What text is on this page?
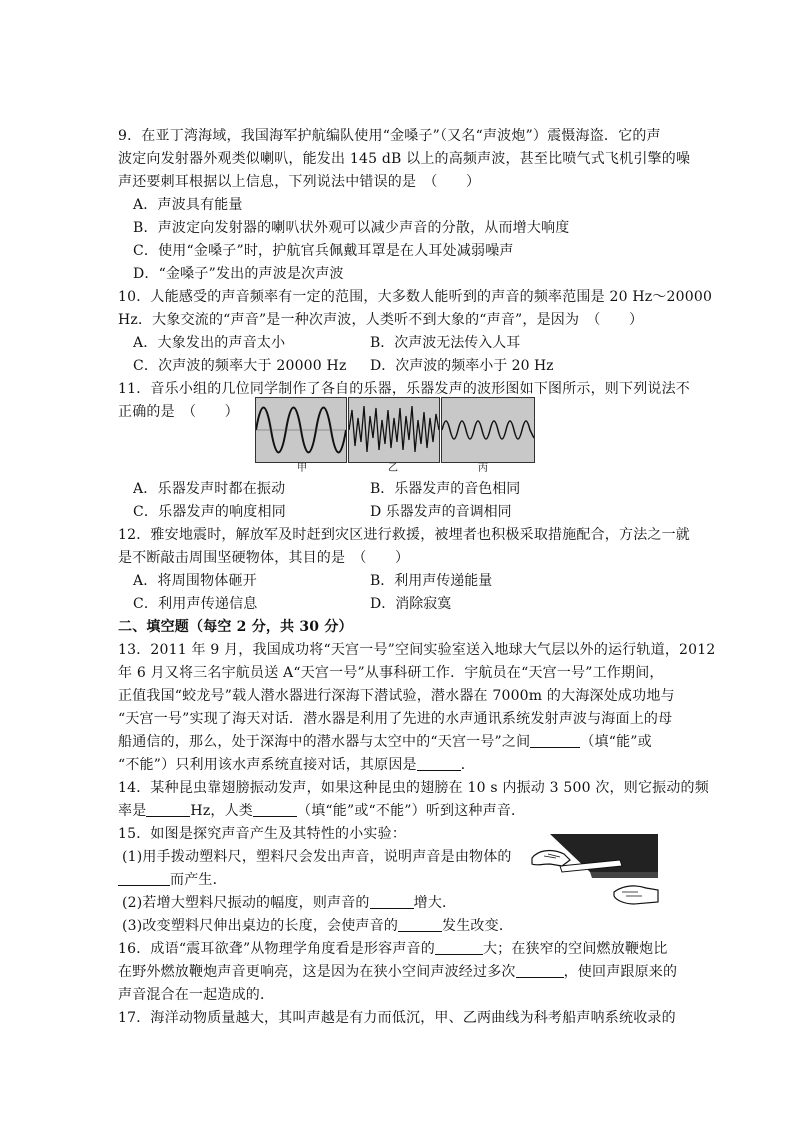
9．在亚丁湾海域，我国海军护航编队使用“金嗓子”（又名“声波炮”）震慑海盗．它的声
波定向发射器外观类似喇叭，能发出 145 dB 以上的高频声波，甚至比喷气式飞机引擎的噪
声还要刺耳根据以上信息，下列说法中错误的是　（　　）
A．声波具有能量
B．声波定向发射器的喇叭状外观可以减少声音的分散，从而增大响度
C．使用“金嗓子”时，护航官兵佩戴耳罩是在人耳处减弱噪声
D．“金嗓子”发出的声波是次声波
10．人能感受的声音频率有一定的范围，大多数人能听到的声音的频率范围是 20 Hz～20000
Hz．大象交流的“声音”是一种次声波，人类听不到大象的“声音”，是因为　（　　）
A．大象发出的声音太小	B．次声波无法传入人耳
C．次声波的频率大于 20000 Hz D．次声波的频率小于 20 Hz
11．音乐小组的几位同学制作了各自的乐器，乐器发声的波形图如下图所示，则下列说法不
正确的是　（　　）
甲	乙	丙
A．乐器发声时都在振动	B．乐器发声的音色相同
C．乐器发声的响度相同	D 乐器发声的音调相同
12．雅安地震时，解放军及时赶到灾区进行救援，被埋者也积极采取措施配合，方法之一就
是不断敲击周围坚硬物体，其目的是　（　　）
A．将周围物体砸开	B．利用声传递能量
C．利用声传递信息	D．消除寂寞
二、填空题（每空 2 分，共 30 分）
13．2011 年 9 月，我国成功将“天宫一号”空间实验室送入地球大气层以外的运行轨道，2012
年 6 月又将三名宇航员送 A“天宫一号”从事科研工作．宇航员在“天宫一号”工作期间，
正值我国“蛟龙号”载人潜水器进行深海下潜试验，潜水器在 7000m 的大海深处成功地与
“天宫一号”实现了海天对话．潜水器是利用了先进的水声通讯系统发射声波与海面上的母
船通信的，那么，处于深海中的潜水器与太空中的“天宫一号”之间	（填“能”或
“不能”）只利用该水声系统直接对话，其原因是	．
14．某种昆虫靠翅膀振动发声，如果这种昆虫的翅膀在 10 s 内振动 3 500 次，则它振动的频
率是	Hz，人类	（填“能”或“不能”）听到这种声音．
15．如图是探究声音产生及其特性的小实验：
(1)用手拨动塑料尺，塑料尺会发出声音，说明声音是由物体的
而产生．
(2)若增大塑料尺振动的幅度，则声音的	增大．
(3)改变塑料尺伸出桌边的长度，会使声音的	发生改变．
16．成语“震耳欲聋”从物理学角度看是形容声音的	大；在狭窄的空间燃放鞭炮比
在野外燃放鞭炮声音更响亮，这是因为在狭小空间声波经过多次	，使回声跟原来的
声音混合在一起造成的．
17．海洋动物质量越大，其叫声越是有力而低沉，甲、乙两曲线为科考船声呐系统收录的
